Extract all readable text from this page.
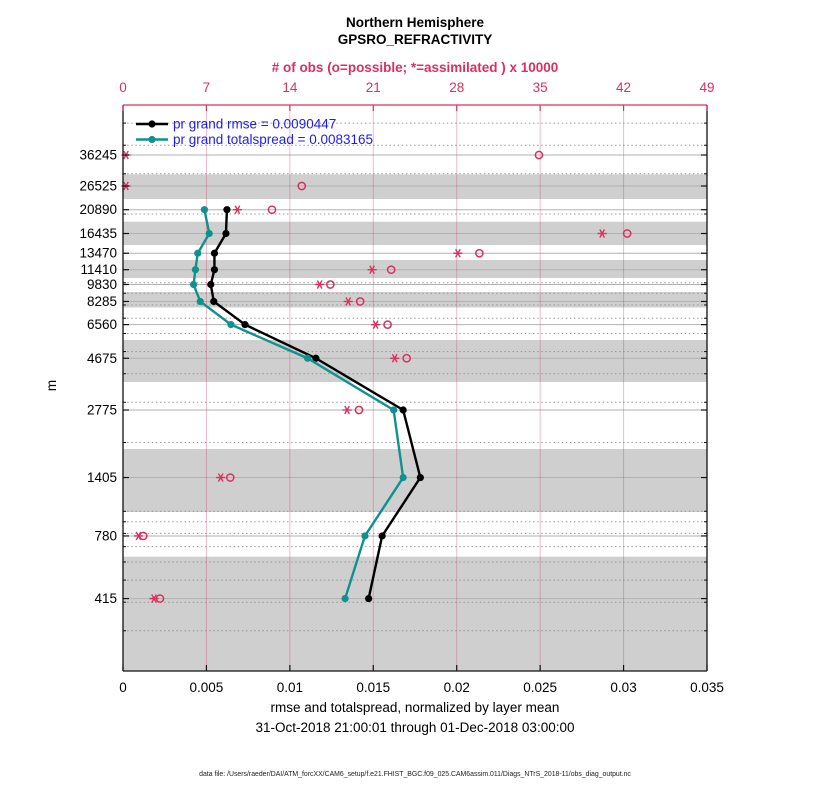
Northern Hemisphere
GPSRO_REFRACTIVITY
# of obs (o=possible; *=assimilated ) x 10000
m
0	0.005	0.01	0.015	0.02	0.025	0.03	0.035
0	7	14	21	28	35	42	49
36245
26525
20890
16435
13470
11410
9830
8285
6560
4675
2775
1405
780
415
pr grand rmse = 0.0090447
pr grand totalspread = 0.0083165
rmse and totalspread, normalized by layer mean
31-Oct-2018 21:00:01 through 01-Dec-2018 03:00:00
data file: /Users/raeder/DAI/ATM_forcXX/CAM6_setup/f.e21.FHIST_BGC.f09_025.CAM6assim.011/Diags_NTrS_2018-11/obs_diag_output.nc
